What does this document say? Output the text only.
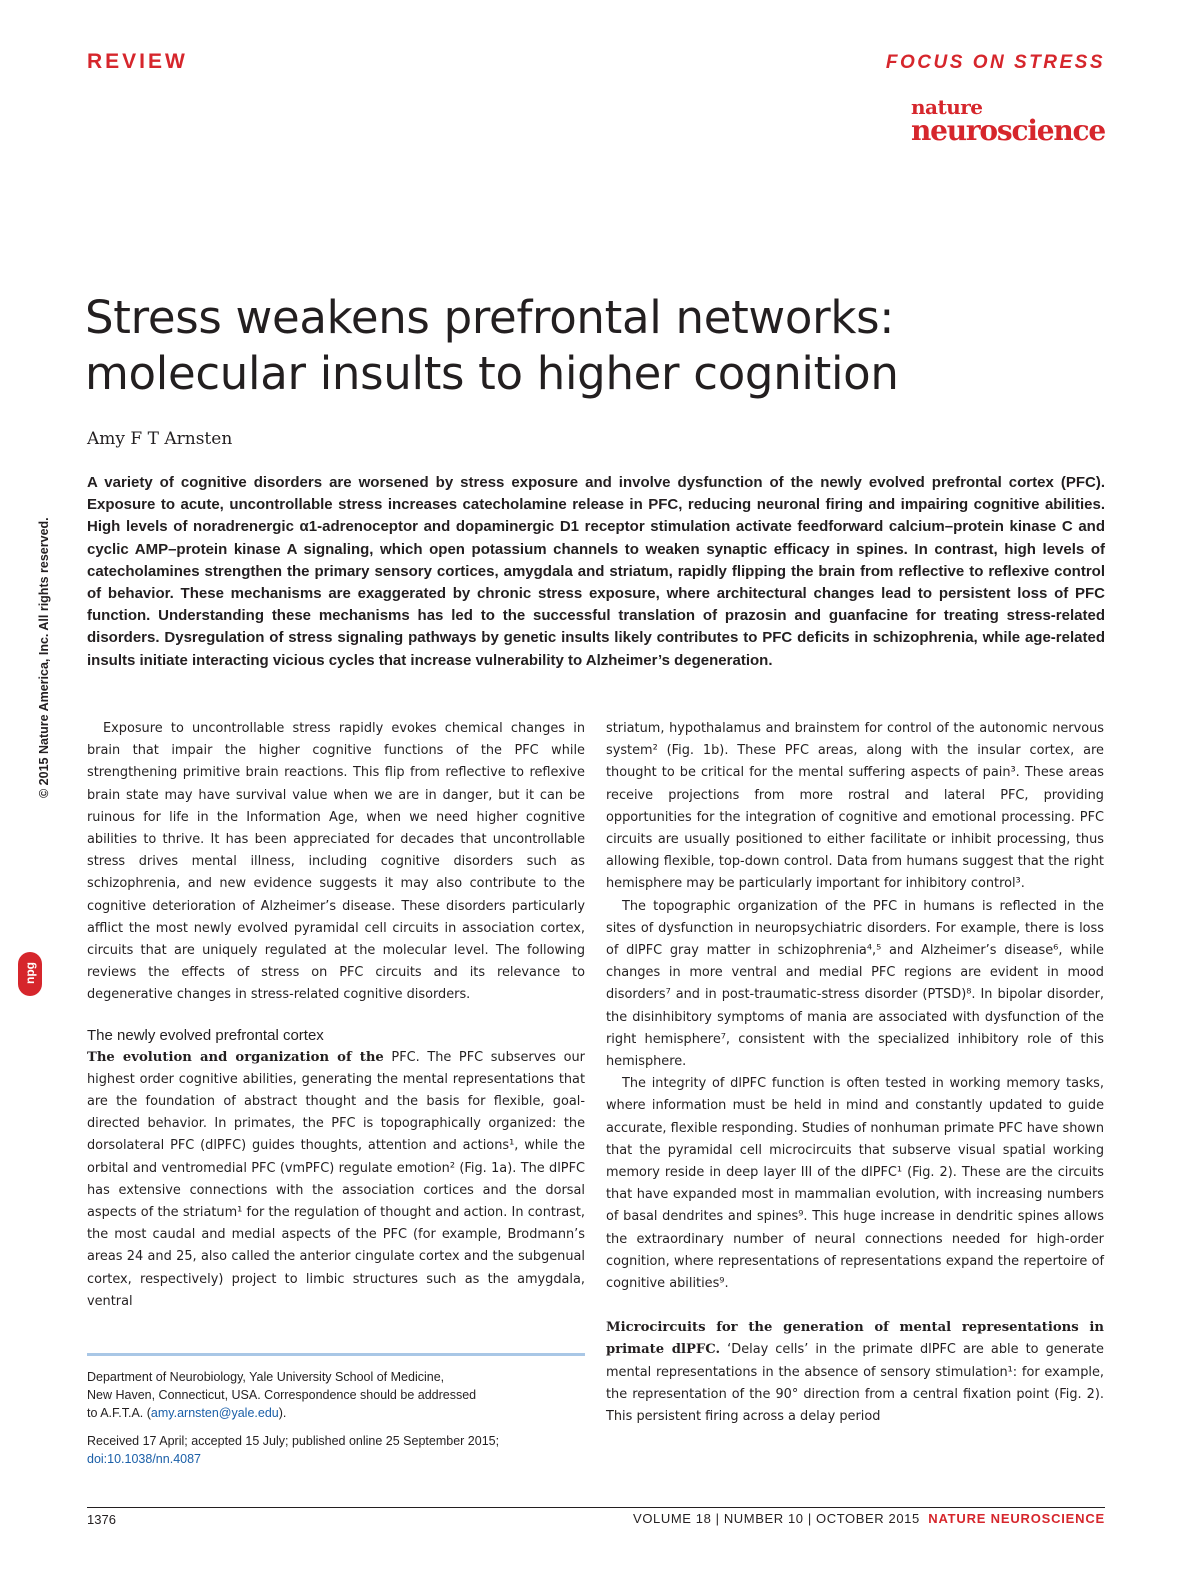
REVIEW	FOCUS ON STRESS
nature
neuroscience
Stress weakens prefrontal networks: molecular insults to higher cognition
Amy F T Arnsten

A variety of cognitive disorders are worsened by stress exposure and involve dysfunction of the newly evolved prefrontal cortex (PFC). Exposure to acute, uncontrollable stress increases catecholamine release in PFC, reducing neuronal firing and impairing cognitive abilities. High levels of noradrenergic α1-adrenoceptor and dopaminergic D1 receptor stimulation activate feedforward calcium–protein kinase C and cyclic AMP–protein kinase A signaling, which open potassium channels to weaken synaptic efficacy in spines. In contrast, high levels of catecholamines strengthen the primary sensory cortices, amygdala and striatum, rapidly flipping the brain from reflective to reflexive control of behavior. These mechanisms are exaggerated by chronic stress exposure, where architectural changes lead to persistent loss of PFC function. Understanding these mechanisms has led to the successful translation of prazosin and guanfacine for treating stress-related disorders. Dysregulation of stress signaling pathways by genetic insults likely contributes to PFC deficits in schizophrenia, while age-related insults initiate interacting vicious cycles that increase vulnerability to Alzheimer’s degeneration.

© 2015 Nature America, Inc. All rights reserved.
npg

Exposure to uncontrollable stress rapidly evokes chemical changes in brain that impair the higher cognitive functions of the PFC while strengthening primitive brain reactions. This flip from reflective to reflexive brain state may have survival value when we are in danger, but it can be ruinous for life in the Information Age, when we need higher cognitive abilities to thrive. It has been appreciated for decades that uncontrollable stress drives mental illness, including cognitive disorders such as schizophrenia, and new evidence suggests it may also contribute to the cognitive deterioration of Alzheimer’s disease. These disorders particularly afflict the most newly evolved pyramidal cell circuits in association cortex, circuits that are uniquely regulated at the molecular level. The following reviews the effects of stress on PFC circuits and its relevance to degenerative changes in stress-related cognitive disorders.

The newly evolved prefrontal cortex

The evolution and organization of the PFC. The PFC subserves our highest order cognitive abilities, generating the mental representations that are the foundation of abstract thought and the basis for flexible, goal-directed behavior. In primates, the PFC is topographically organized: the dorsolateral PFC (dlPFC) guides thoughts, attention and actions¹, while the orbital and ventromedial PFC (vmPFC) regulate emotion² (Fig. 1a). The dlPFC has extensive connections with the association cortices and the dorsal aspects of the striatum¹ for the regulation of thought and action. In contrast, the most caudal and medial aspects of the PFC (for example, Brodmann’s areas 24 and 25, also called the anterior cingulate cortex and the subgenual cortex, respectively) project to limbic structures such as the amygdala, ventral

striatum, hypothalamus and brainstem for control of the autonomic nervous system² (Fig. 1b). These PFC areas, along with the insular cortex, are thought to be critical for the mental suffering aspects of pain³. These areas receive projections from more rostral and lateral PFC, providing opportunities for the integration of cognitive and emotional processing. PFC circuits are usually positioned to either facilitate or inhibit processing, thus allowing flexible, top-down control. Data from humans suggest that the right hemisphere may be particularly important for inhibitory control³.

The topographic organization of the PFC in humans is reflected in the sites of dysfunction in neuropsychiatric disorders. For example, there is loss of dlPFC gray matter in schizophrenia⁴,⁵ and Alzheimer’s disease⁶, while changes in more ventral and medial PFC regions are evident in mood disorders⁷ and in post-traumatic-stress disorder (PTSD)⁸. In bipolar disorder, the disinhibitory symptoms of mania are associated with dysfunction of the right hemisphere⁷, consistent with the specialized inhibitory role of this hemisphere.

The integrity of dlPFC function is often tested in working memory tasks, where information must be held in mind and constantly updated to guide accurate, flexible responding. Studies of nonhuman primate PFC have shown that the pyramidal cell microcircuits that subserve visual spatial working memory reside in deep layer III of the dlPFC¹ (Fig. 2). These are the circuits that have expanded most in mammalian evolution, with increasing numbers of basal dendrites and spines⁹. This huge increase in dendritic spines allows the extraordinary number of neural connections needed for high-order cognition, where representations of representations expand the repertoire of cognitive abilities⁹.

Microcircuits for the generation of mental representations in primate dlPFC. ‘Delay cells’ in the primate dlPFC are able to generate mental representations in the absence of sensory stimulation¹: for example, the representation of the 90° direction from a central fixation point (Fig. 2). This persistent firing across a delay period

Department of Neurobiology, Yale University School of Medicine,

New Haven, Connecticut, USA. Correspondence should be addressed

to A.F.T.A. (amy.arnsten@yale.edu).

Received 17 April; accepted 15 July; published online 25 September 2015;

doi:10.1038/nn.4087

1376	VOLUME 18 | NUMBER 10 | OCTOBER 2015 NATURE NEUROSCIENCE
